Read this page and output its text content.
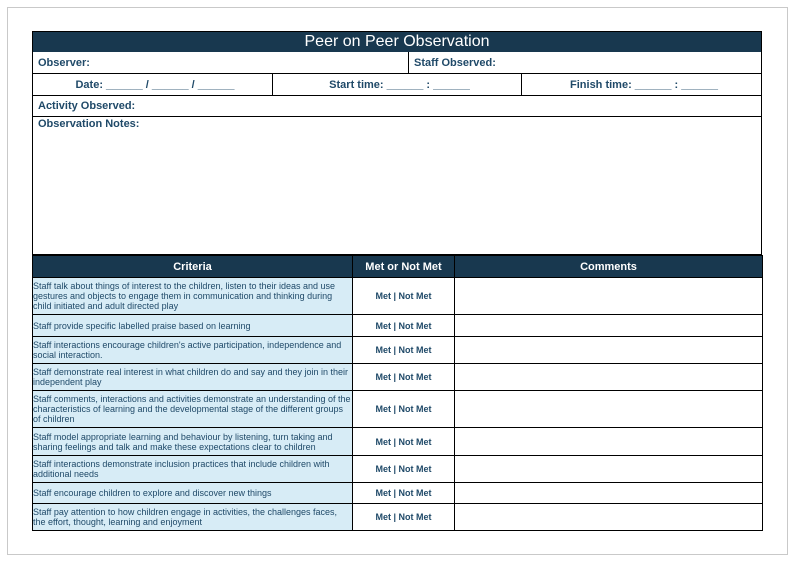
Peer on Peer Observation
Observer:	Staff Observed:
Date: ______ / ______ / ______	Start time: ______ : ______	Finish time: ______ : ______
Activity Observed:
Observation Notes:
Criteria	Met or Not Met	Comments
Staff talk about things of interest to the children, listen to their ideas and use gestures and objects to engage them in communication and thinking during child initiated and adult directed play	Met | Not Met	
Staff provide specific labelled praise based on learning	Met | Not Met	
Staff interactions encourage children's active participation, independence and social interaction.	Met | Not Met	
Staff demonstrate real interest in what children do and say and they join in their independent play	Met | Not Met	
Staff comments, interactions and activities demonstrate an understanding of the characteristics of learning and the developmental stage of the different groups of children	Met | Not Met	
Staff model appropriate learning and behaviour by listening, turn taking and sharing feelings and talk and make these expectations clear to children	Met | Not Met	
Staff interactions demonstrate inclusion practices that include children with additional needs	Met | Not Met	
Staff encourage children to explore and discover new things	Met | Not Met	
Staff pay attention to how children engage in activities, the challenges faces, the effort, thought, learning and enjoyment	Met | Not Met	
